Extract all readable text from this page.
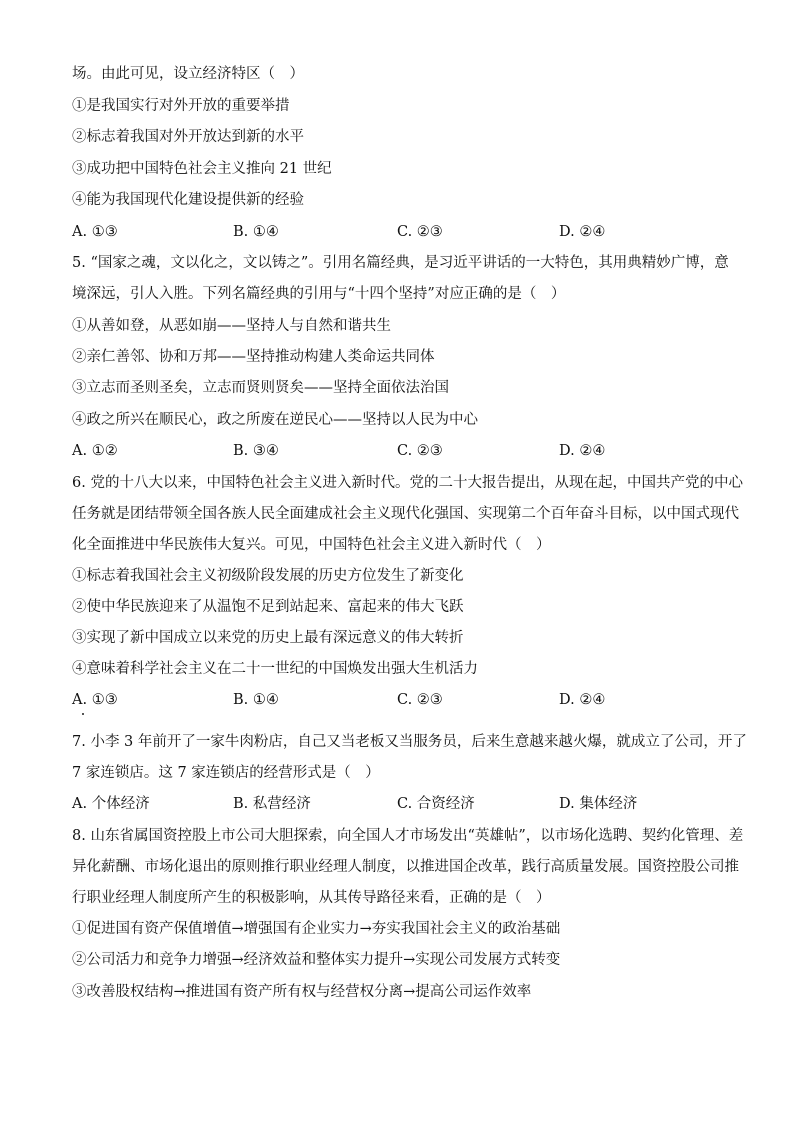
场。由此可见，设立经济特区（　）
①是我国实行对外开放的重要举措
②标志着我国对外开放达到新的水平
③成功把中国特色社会主义推向 21 世纪
④能为我国现代化建设提供新的经验
A. ①③	B. ①④	C. ②③	D. ②④
5. “国家之魂，文以化之，文以铸之”。引用名篇经典，是习近平讲话的一大特色，其用典精妙广博，意
境深远，引人入胜。下列名篇经典的引用与“十四个坚持”对应正确的是（　）
①从善如登，从恶如崩——坚持人与自然和谐共生
②亲仁善邻、协和万邦——坚持推动构建人类命运共同体
③立志而圣则圣矣，立志而贤则贤矣——坚持全面依法治国
④政之所兴在顺民心，政之所废在逆民心——坚持以人民为中心
A. ①②	B. ③④	C. ②③	D. ②④
6. 党的十八大以来，中国特色社会主义进入新时代。党的二十大报告提出，从现在起，中国共产党的中心
任务就是团结带领全国各族人民全面建成社会主义现代化强国、实现第二个百年奋斗目标，以中国式现代
化全面推进中华民族伟大复兴。可见，中国特色社会主义进入新时代（　）
①标志着我国社会主义初级阶段发展的历史方位发生了新变化
②使中华民族迎来了从温饱不足到站起来、富起来的伟大飞跃
③实现了新中国成立以来党的历史上最有深远意义的伟大转折
④意味着科学社会主义在二十一世纪的中国焕发出强大生机活力
A. ①③	B. ①④	C. ②③	D. ②④
7. 小李 3 年前开了一家牛肉粉店，自己又当老板又当服务员，后来生意越来越火爆，就成立了公司，开了
7 家连锁店。这 7 家连锁店的经营形式是（　）
A. 个体经济	B. 私营经济	C. 合资经济	D. 集体经济
8. 山东省属国资控股上市公司大胆探索，向全国人才市场发出“英雄帖”，以市场化选聘、契约化管理、差
异化薪酬、市场化退出的原则推行职业经理人制度，以推进国企改革，践行高质量发展。国资控股公司推
行职业经理人制度所产生的积极影响，从其传导路径来看，正确的是（　）
①促进国有资产保值增值→增强国有企业实力→夯实我国社会主义的政治基础
②公司活力和竞争力增强→经济效益和整体实力提升→实现公司发展方式转变
③改善股权结构→推进国有资产所有权与经营权分离→提高公司运作效率
